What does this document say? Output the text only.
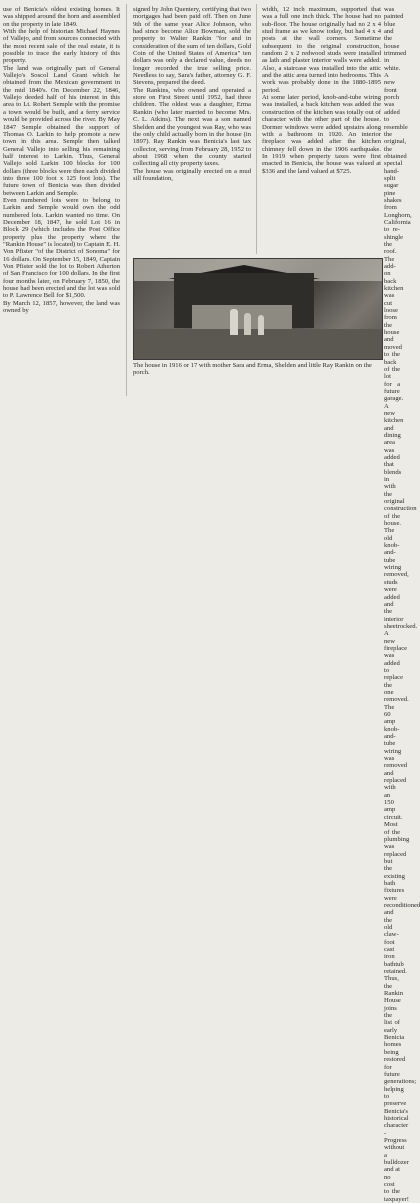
use of Benicia's oldest existing homes. It was shipped around the horn and assembled on the property in late 1849.

With the help of historian Michael Haynes of Vallejo, and from sources connected with the most recent sale of the real estate, it is possible to trace the early history of this property.

The land was originally part of General Vallejo's Soscol Land Grant which he obtained from the Mexican government in the mid 1840's. On December 22, 1846, Vallejo deeded half of his interest in this area to Lt. Robert Semple with the promise a town would be built, and a ferry service would be provided across the river. By May 1847 Semple obtained the support of Thomas O. Larkin to help promote a new town in this area. Semple then talked General Vallejo into selling his remaining half interest to Larkin. Thus, General Vallejo sold Larkin 100 blocks for 100 dollars (three blocks were then each divided into three 100 foot x 125 foot lots). The future town of Benicia was then divided between Larkin and Semple.

Even numbered lots were to belong to Larkin and Semple would own the odd numbered lots. Larkin wanted no time. On December 18, 1847, he sold Lot 16 in Block 29 (which includes the Post Office property plus the property where the "Rankin House" is located) to Captain E. H. Von Pfister "of the District of Sonoma" for 16 dollars. On September 15, 1849, Captain Von Pfister sold the lot to Robert Atherton of San Francisco for 100 dollars. In the first four months later, on February 7, 1850, the house had been erected and the lot was sold to P. Lawrence Bell for $1,500.

By March 12, 1857, however, the land was owned by

signed by John Quentery, certifying that two mortgages had been paid off. Then on June 9th of the same year Alice Johnson, who had since become Alice Bowman, sold the property to Walter Rankin "for and in consideration of the sum of ten dollars, Gold Coin of the United States of America" ten dollars was only a declared value, deeds no longer recorded the true selling price. Needless to say, Sara's father, attorney G. F. Stevens, prepared the deed.

The Rankins, who owned and operated a store on First Street until 1952, had three children. The oldest was a daughter, Erma Rankin (who later married to become Mrs. C. L. Atkins). The next was a son named Shelden and the youngest was Ray, who was the only child actually born in the house (in 1897). Ray Rankin was Benicia's last tax collector, serving from February 28, 1952 to about 1968 when the county started collecting all city property taxes.

The house was originally erected on a mud sill foundation,

width, 12 inch maximum, supported that was a full one inch thick. The house had no sub-floor. The house originally had no 2 x 4 stud frame as we know today, but had 4 x 4 posts at the wall corners. Sometime subsequent to the original construction, random 2 x 2 redwood studs were installed as lath and plaster interior walls were added. Also, a staircase was installed into the attic and the attic area turned into bedrooms. This work was probably done in the 1880-1895 period.

At some later period, knob-and-tube wiring was installed, a back kitchen was added the construction of the kitchen was totally out of character with the other part of the house. Dormer windows were added upstairs along with a bathroom in 1920. An interior fireplace was added after the kitchen chimney fell down in the 1906 earthquake. In 1919 when property taxes were first enacted in Benicia, the house was valued at $336 and the land valued at $725.

was painted blue and the house trimmed in white. A new front porch was added to resemble the original, the obtained special hand-split sugar pine shakes from Longhorn, California to re-shingle the roof.

The add-on back kitchen was cut loose from the house and moved to the back of the lot for a future garage. A new kitchen and dining area was added that blends in with the original construction of the house. The old knob-and-tube wiring removed, studs were added and the interior sheetrocked. A new fireplace was added to replace the one removed. The 60 amp knob-and-tube wiring was removed and replaced with an 150 amp circuit. Most of the plumbing was replaced but the existing bath fixtures were reconditioned and the old claw-foot cast iron bathtub retained.

Thus, the Rankin House joins the list of early Benicia homes being restored for future generations; helping to preserve Benicia's historical character - Progress without a bulldozer and at no cost to the taxpayer!

The house in 1916 or 17 with mother Sara and Erma, Shelden and little Ray Rankin on the porch.
